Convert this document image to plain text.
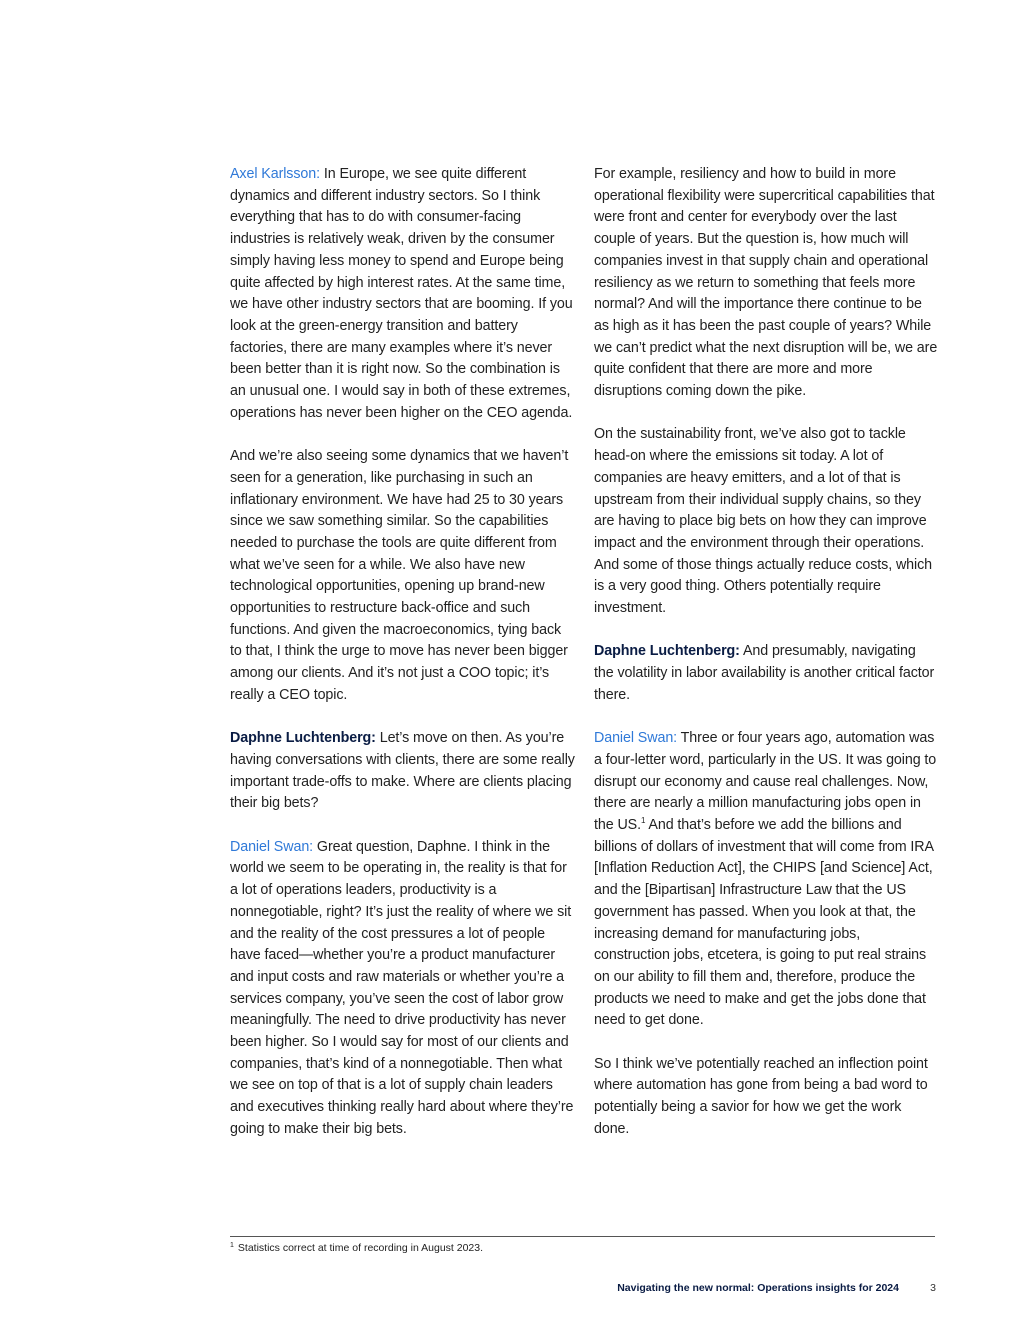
Axel Karlsson: In Europe, we see quite different dynamics and different industry sectors. So I think everything that has to do with consumer-facing industries is relatively weak, driven by the consumer simply having less money to spend and Europe being quite affected by high interest rates. At the same time, we have other industry sectors that are booming. If you look at the green-energy transition and battery factories, there are many examples where it’s never been better than it is right now. So the combination is an unusual one. I would say in both of these extremes, operations has never been higher on the CEO agenda.

And we’re also seeing some dynamics that we haven’t seen for a generation, like purchasing in such an inflationary environment. We have had 25 to 30 years since we saw something similar. So the capabilities needed to purchase the tools are quite different from what we’ve seen for a while. We also have new technological opportunities, opening up brand-new opportunities to restructure back-office and such functions. And given the macroeconomics, tying back to that, I think the urge to move has never been bigger among our clients. And it’s not just a COO topic; it’s really a CEO topic.

Daphne Luchtenberg: Let’s move on then. As you’re having conversations with clients, there are some really important trade-offs to make. Where are clients placing their big bets?

Daniel Swan: Great question, Daphne. I think in the world we seem to be operating in, the reality is that for a lot of operations leaders, productivity is a nonnegotiable, right? It’s just the reality of where we sit and the reality of the cost pressures a lot of people have faced—whether you’re a product manufacturer and input costs and raw materials or whether you’re a services company, you’ve seen the cost of labor grow meaningfully. The need to drive productivity has never been higher. So I would say for most of our clients and companies, that’s kind of a nonnegotiable. Then what we see on top of that is a lot of supply chain leaders and executives thinking really hard about where they’re going to make their big bets.

For example, resiliency and how to build in more operational flexibility were supercritical capabilities that were front and center for everybody over the last couple of years. But the question is, how much will companies invest in that supply chain and operational resiliency as we return to something that feels more normal? And will the importance there continue to be as high as it has been the past couple of years? While we can’t predict what the next disruption will be, we are quite confident that there are more and more disruptions coming down the pike.

On the sustainability front, we’ve also got to tackle head-on where the emissions sit today. A lot of companies are heavy emitters, and a lot of that is upstream from their individual supply chains, so they are having to place big bets on how they can improve impact and the environment through their operations. And some of those things actually reduce costs, which is a very good thing. Others potentially require investment.

Daphne Luchtenberg: And presumably, navigating the volatility in labor availability is another critical factor there.

Daniel Swan: Three or four years ago, automation was a four-letter word, particularly in the US. It was going to disrupt our economy and cause real challenges. Now, there are nearly a million manufacturing jobs open in the US.$^1$ And that’s before we add the billions and billions of dollars of investment that will come from IRA [Inflation Reduction Act], the CHIPS [and Science] Act, and the [Bipartisan] Infrastructure Law that the US government has passed. When you look at that, the increasing demand for manufacturing jobs, construction jobs, etcetera, is going to put real strains on our ability to fill them and, therefore, produce the products we need to make and get the jobs done that need to get done.

So I think we’ve potentially reached an inflection point where automation has gone from being a bad word to potentially being a savior for how we get the work done.

$^1$ Statistics correct at time of recording in August 2023.
Navigating the new normal: Operations insights for 2024	3
